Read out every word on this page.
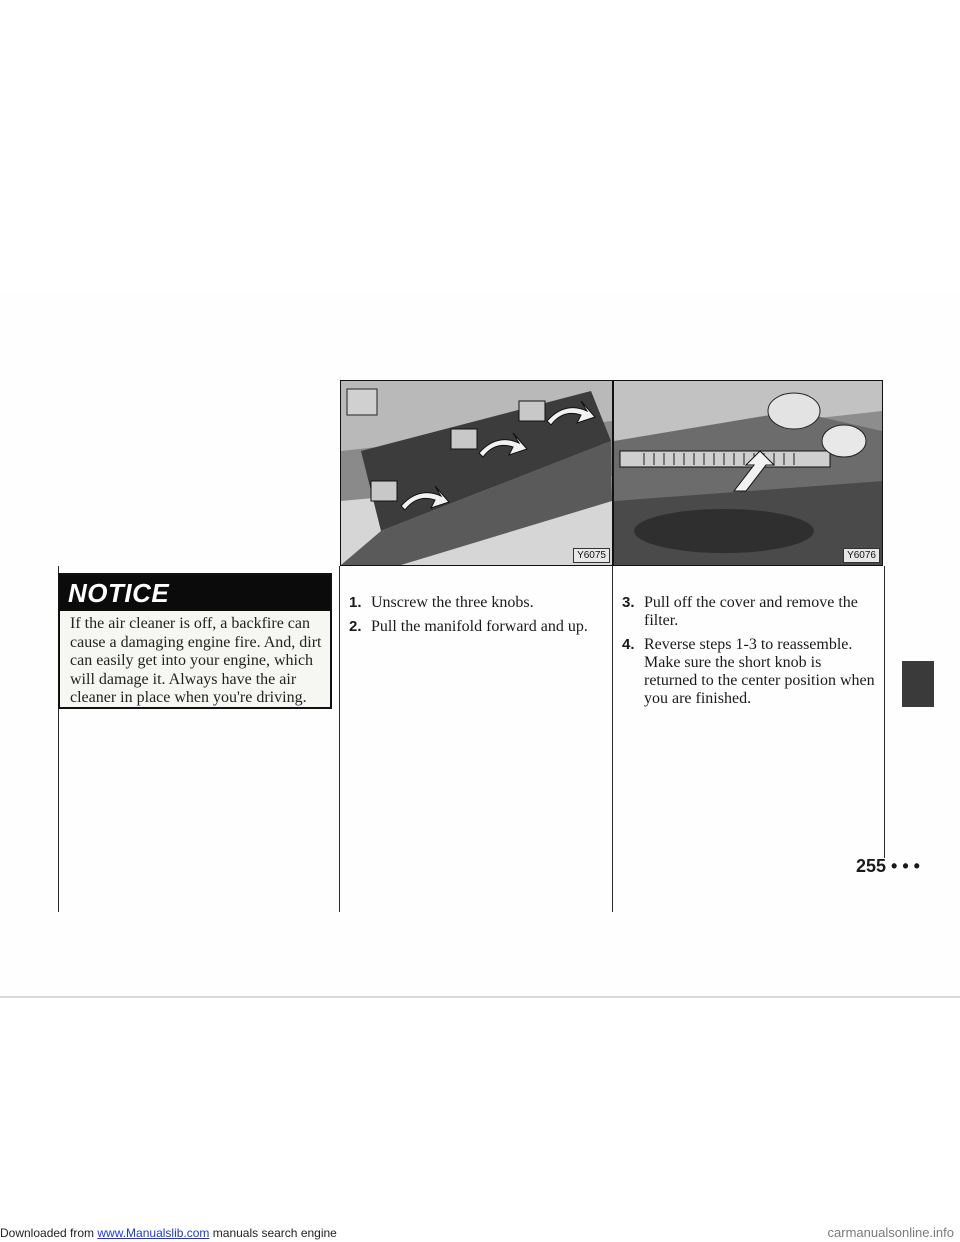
NOTICE
If the air cleaner is off, a backfire can cause a damaging engine fire. And, dirt can easily get into your engine, which will damage it. Always have the air cleaner in place when you're driving.
Y6075	Y6076
1. Unscrew the three knobs.
2. Pull the manifold forward and up.
3. Pull off the cover and remove the filter.
4. Reverse steps 1-3 to reassemble. Make sure the short knob is returned to the center position when you are finished.
255 • • •
Downloaded from www.Manualslib.com manuals search engine	carmanualsonline.info
